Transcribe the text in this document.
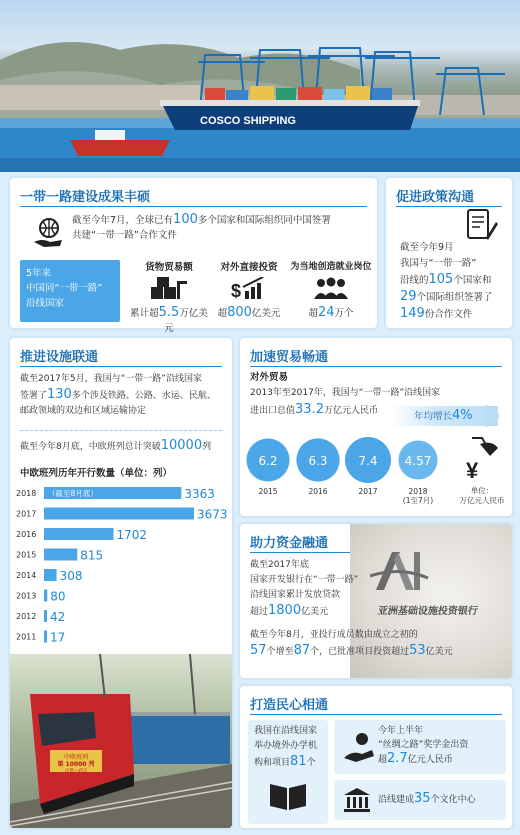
COSCO SHIPPING
一带一路建设成果丰硕
截至今年7月，全球已有100多个国家和国际组织同中国签署
共建“一带一路”合作文件
5年来
中国同“一带一路”
沿线国家
货物贸易额
累计超5.5万亿美元
对外直接投资
$
超800亿美元
为当地创造就业岗位
超24万个
促进政策沟通
截至今年9月
我国与“一带一路”
沿线的105个国家和
29个国际组织签署了
149份合作文件
推进设施联通
截至2017年5月，我国与“一带一路”沿线国家
签署了130多个涉及铁路、公路、水运、民航、
邮政领域的双边和区域运输协定
截至今年8月底，中欧班列总计突破10000列
中欧班列历年开行数量（单位：列）
2018 （截至8月底）	3363
2017	3673
2016	1702
2015	815
2014 308
2013 80
2012 42
2011 17
中欧班列
第 10000 列
汉堡—武汉
加速贸易畅通
对外贸易
2013年至2017年，我国与“一带一路”沿线国家
进出口总值33.2万亿元人民币	年均增长4%
6.2
2015
6.3
2016
7.4
2017
4.57
2018
(1至7月)
¥
单位：
万亿元人民币
亚洲基础设施投资银行
助力资金融通
截至2017年底
国家开发银行在“一带一路”
沿线国家累计发放贷款
超过1800亿美元
截至今年8月，亚投行成员数由成立之初的
57个增至87个，已批准项目投资超过53亿美元
打造民心相通
我国在沿线国家
举办境外办学机
构和项目81个
今年上半年
“丝绸之路”奖学金出资
超2.7亿元人民币
沿线建成35个文化中心
